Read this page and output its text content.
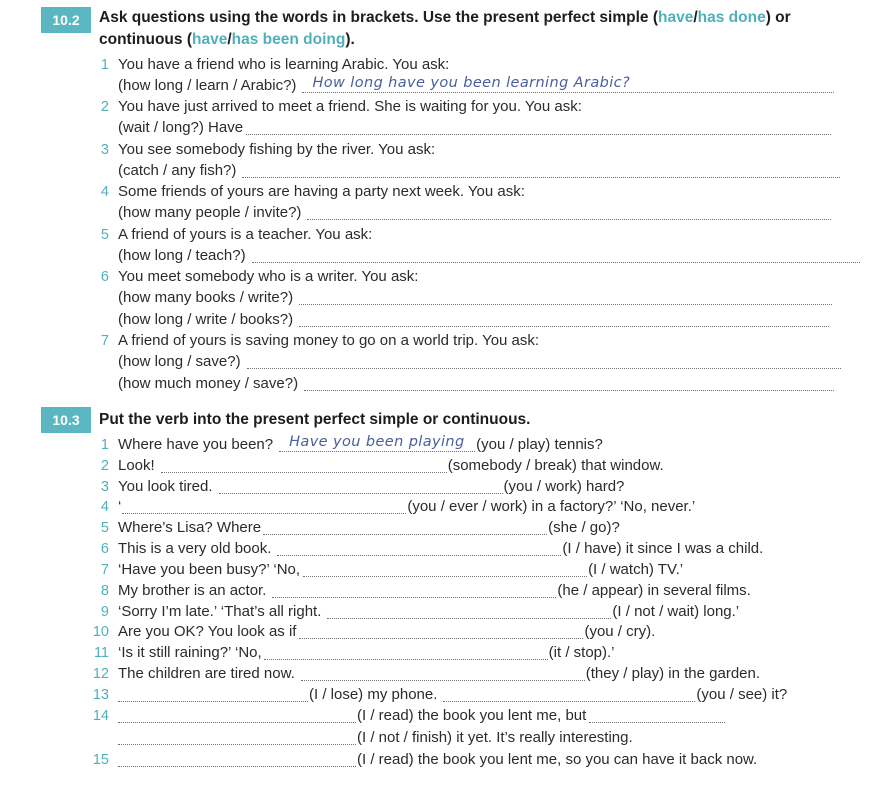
10.2	Ask questions using the words in brackets. Use the present perfect simple (have/has done) or
continuous (have/has been doing).
1 You have a friend who is learning Arabic. You ask:
(how long / learn / Arabic?) How long have you been learning Arabic?
2 You have just arrived to meet a friend. She is waiting for you. You ask:
(wait / long?) Have
3 You see somebody fishing by the river. You ask:
(catch / any fish?)
4 Some friends of yours are having a party next week. You ask:
(how many people / invite?)
5 A friend of yours is a teacher. You ask:
(how long / teach?)
6 You meet somebody who is a writer. You ask:
(how many books / write?)
(how long / write / books?)
7 A friend of yours is saving money to go on a world trip. You ask:
(how long / save?)
(how much money / save?)
10.3	Put the verb into the present perfect simple or continuous.
1 Where have you been? Have you been playing (you / play) tennis?
2 Look!	(somebody / break) that window.
3 You look tired.	(you / work) hard?
4 ‘	(you / ever / work) in a factory?’ ‘No, never.’
5 Where’s Lisa? Where	(she / go)?
6 This is a very old book.	(I / have) it since I was a child.
7 ‘Have you been busy?’ ‘No,	(I / watch) TV.’
8 My brother is an actor.	(he / appear) in several films.
9 ‘Sorry I’m late.’ ‘That’s all right.	(I / not / wait) long.’
10 Are you OK? You look as if	(you / cry).
11 ‘Is it still raining?’ ‘No,	(it / stop).’
12 The children are tired now.	(they / play) in the garden.
13	(I / lose) my phone.	(you / see) it?
14	(I / read) the book you lent me, but
(I / not / finish) it yet. It’s really interesting.
15	(I / read) the book you lent me, so you can have it back now.
